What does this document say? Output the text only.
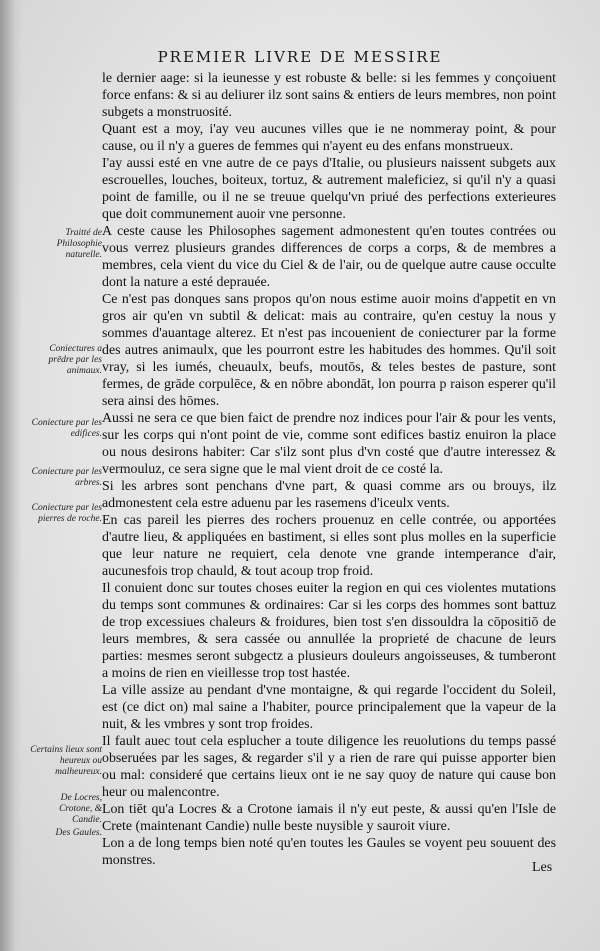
PREMIER LIVRE DE MESSIRE

le dernier aage: si la ieunesse y est robuste & belle: si les femmes y conçoiuent force enfans: & si au deliurer ilz sont sains & entiers de leurs membres, non point subgets a monstruosité.

Quant est a moy, i'ay veu aucunes villes que ie ne nommeray point, & pour cause, ou il n'y a gueres de femmes qui n'ayent eu des enfans monstrueux.

I'ay aussi esté en vne autre de ce pays d'Italie, ou plusieurs naissent subgets aux escrouelles, louches, boiteux, tortuz, & autrement maleficiez, si qu'il n'y a quasi point de famille, ou il ne se treuue quelqu'vn priué des perfections exterieures que doit communement auoir vne personne.

A ceste cause les Philosophes sagement admonestent qu'en toutes contrées ou vous verrez plusieurs grandes differences de corps a corps, & de membres a membres, cela vient du vice du Ciel & de l'air, ou de quelque autre cause occulte dont la nature a esté deprauée.

Ce n'est pas donques sans propos qu'on nous estime auoir moins d'appetit en vn gros air qu'en vn subtil & delicat: mais au contraire, qu'en cestuy la nous y sommes d'auantage alterez. Et n'est pas incouenient de coniecturer par la forme des autres animaulx, que les pourront estre les habitudes des hommes. Qu'il soit vray, si les iumés, cheuaulx, beufs, moutōs, & teles bestes de pasture, sont fermes, de grāde corpulēce, & en nōbre abondāt, lon pourra p raison esperer qu'il sera ainsi des hōmes.

Aussi ne sera ce que bien faict de prendre noz indices pour l'air & pour les vents, sur les corps qui n'ont point de vie, comme sont edifices bastiz enuiron la place ou nous desirons habiter: Car s'ilz sont plus d'vn costé que d'autre interessez & vermouluz, ce sera signe que le mal vient droit de ce costé la.

Si les arbres sont penchans d'vne part, & quasi comme ars ou brouys, ilz admonestent cela estre aduenu par les rasemens d'iceulx vents.

En cas pareil les pierres des rochers prouenuz en celle contrée, ou apportées d'autre lieu, & appliquées en bastiment, si elles sont plus molles en la superficie que leur nature ne requiert, cela denote vne grande intemperance d'air, aucunesfois trop chauld, & tout acoup trop froid.

Il conuient donc sur toutes choses euiter la region en qui ces violentes mutations du temps sont communes & ordinaires: Car si les corps des hommes sont battuz de trop excessiues chaleurs & froidures, bien tost s'en dissouldra la cōpositiō de leurs membres, & sera cassée ou annullée la proprieté de chacune de leurs parties: mesmes seront subgectz a plusieurs douleurs angoisseuses, & tumberont a moins de rien en vieillesse trop tost hastée.

La ville assize au pendant d'vne montaigne, & qui regarde l'occident du Soleil, est (ce dict on) mal saine a l'habiter, pource principalement que la vapeur de la nuit, & les vmbres y sont trop froides.

Il fault auec tout cela esplucher a toute diligence les reuolutions du temps passé obseruées par les sages, & regarder s'il y a rien de rare qui puisse apporter bien ou mal: consideré que certains lieux ont ie ne say quoy de nature qui cause bon heur ou malencontre.

Lon tiēt qu'a Locres & a Crotone iamais il n'y eut peste, & aussi qu'en l'Isle de Crete (maintenant Candie) nulle beste nuysible y sauroit viure.

Lon a de long temps bien noté qu'en toutes les Gaules se voyent peu souuent des monstres.

Traitté de Philosophie naturelle.
Coniectures a prēdre par les animaux.
Coniecture par les edifices.
Coniecture par les arbres.
Coniecture par les pierres de roche.
Certains lieux sont heureux ou malheureux.
De Locres, Crotone, & Candie.
Des Gaules.
Les
